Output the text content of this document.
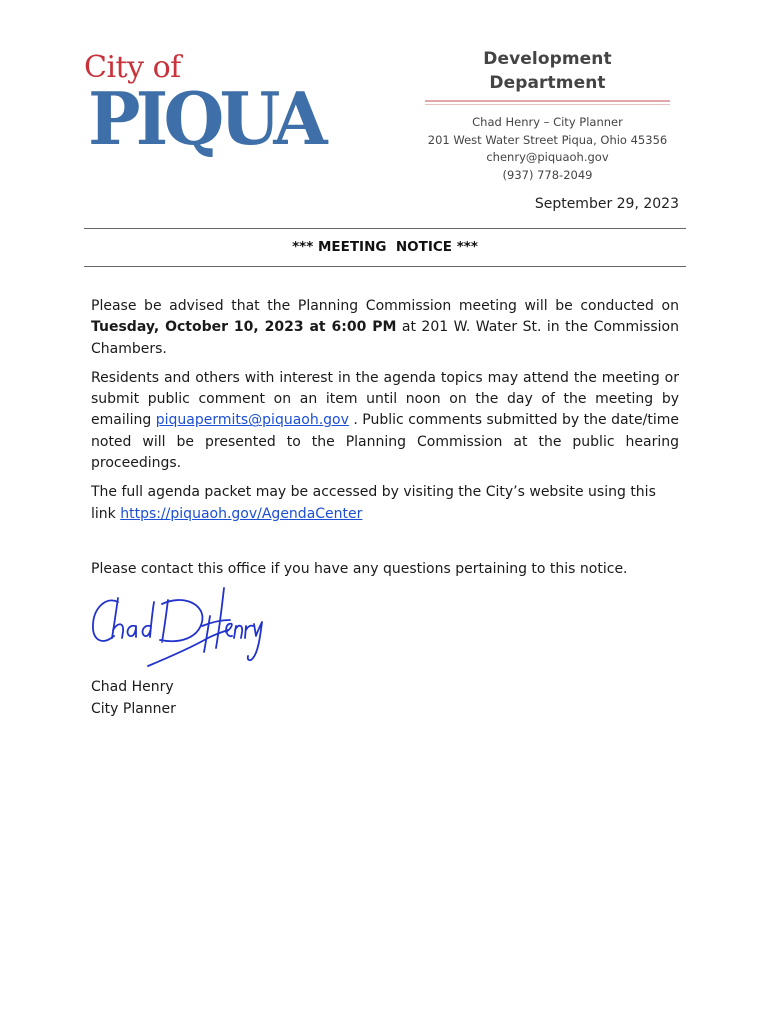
City of
PIQUA
Development Department
Chad Henry – City Planner
201 West Water Street Piqua, Ohio 45356
chenry@piquaoh.gov
(937) 778-2049
September 29, 2023
*** MEETING  NOTICE ***

Please be advised that the Planning Commission meeting will be conducted on Tuesday, October 10, 2023 at 6:00 PM at 201 W. Water St. in the Commission Chambers.

Residents and others with interest in the agenda topics may attend the meeting or submit public comment on an item until noon on the day of the meeting by emailing piquapermits@piquaoh.gov . Public comments submitted by the date/time noted will be presented to the Planning Commission at the public hearing proceedings.

The full agenda packet may be accessed by visiting the City’s website using this link https://piquaoh.gov/AgendaCenter

Please contact this office if you have any questions pertaining to this notice.
Chad Henry
City Planner
